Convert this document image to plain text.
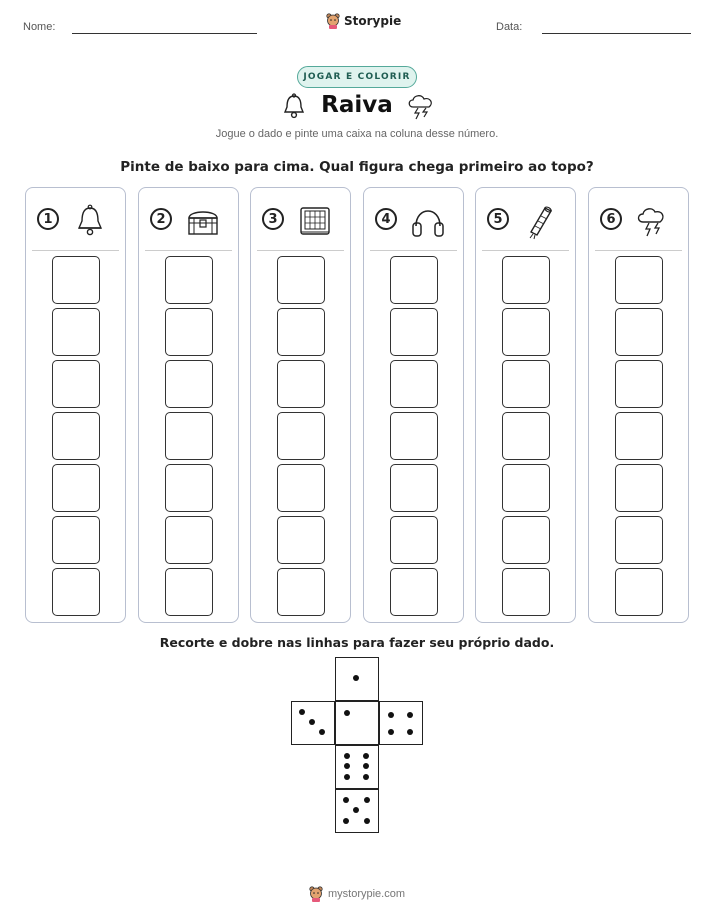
Nome:	Storypie	Data:
JOGAR E COLORIR
Raiva
Jogue o dado e pinte uma caixa na coluna desse número.
Pinte de baixo para cima. Qual figura chega primeiro ao topo?
1	2	3	4	5	6
Recorte e dobre nas linhas para fazer seu próprio dado.
mystorypie.com
